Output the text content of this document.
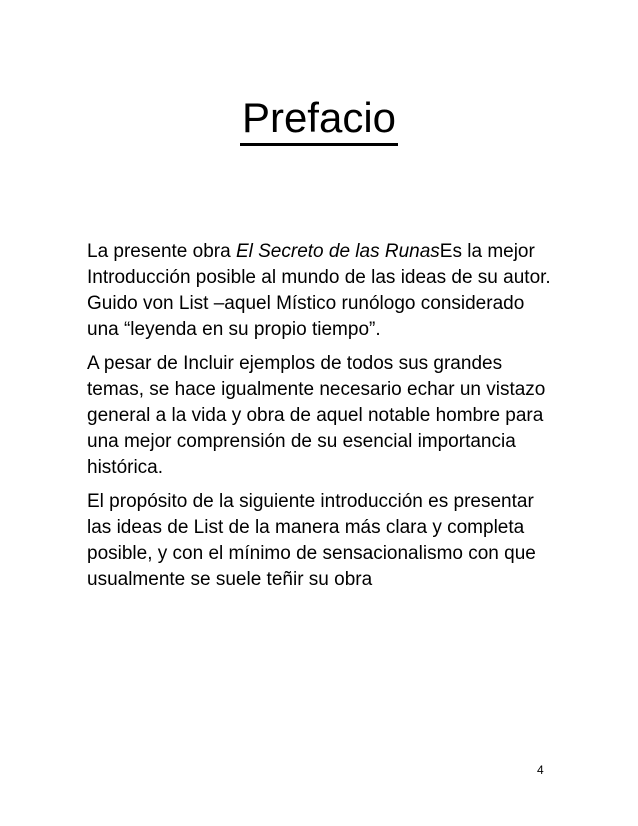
Prefacio

La presente obra El Secreto de las RunasEs la mejor Introducción posible al mundo de las ideas de su autor. Guido von List –aquel Místico runólogo considerado una “leyenda en su propio tiempo”.

A pesar de Incluir ejemplos de todos sus grandes temas, se hace igualmente necesario echar un vistazo general a la vida y obra de aquel notable hombre para una mejor comprensión de su esencial importancia histórica.

El propósito de la siguiente introducción es presentar las ideas de List de la manera más clara y completa posible, y con el mínimo de sensacionalismo con que usualmente se suele teñir su obra

4
